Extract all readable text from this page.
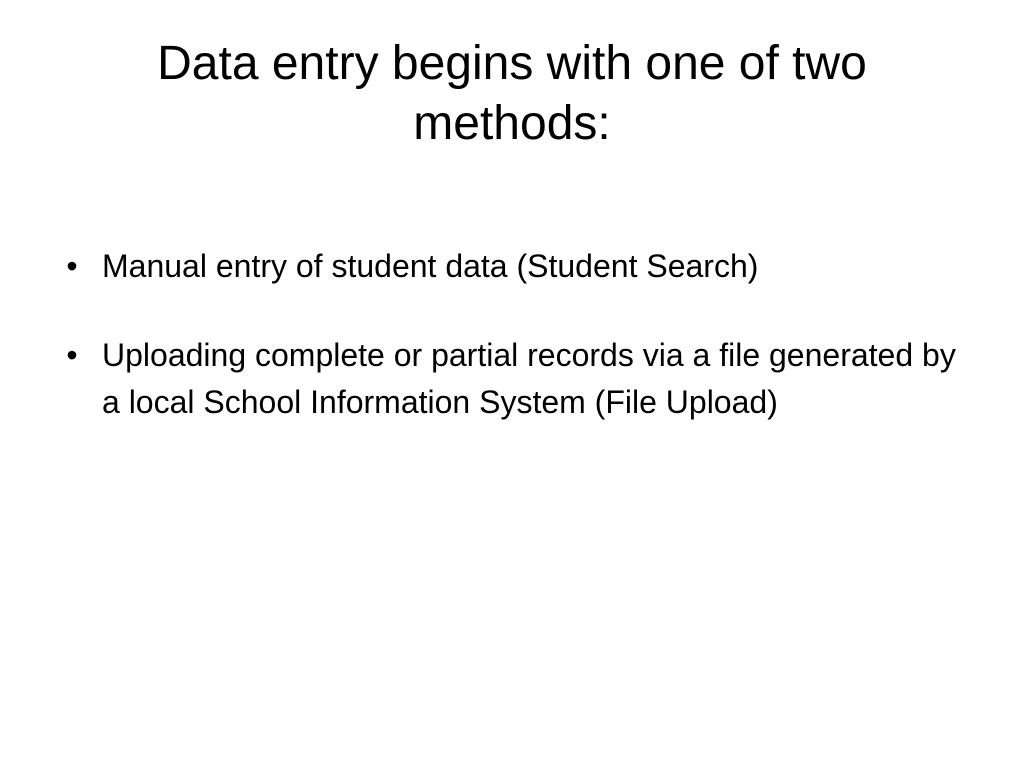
Data entry begins with one of two methods:
• Manual entry of student data (Student Search)
• Uploading complete or partial records via a file generated by a local School Information System (File Upload)
